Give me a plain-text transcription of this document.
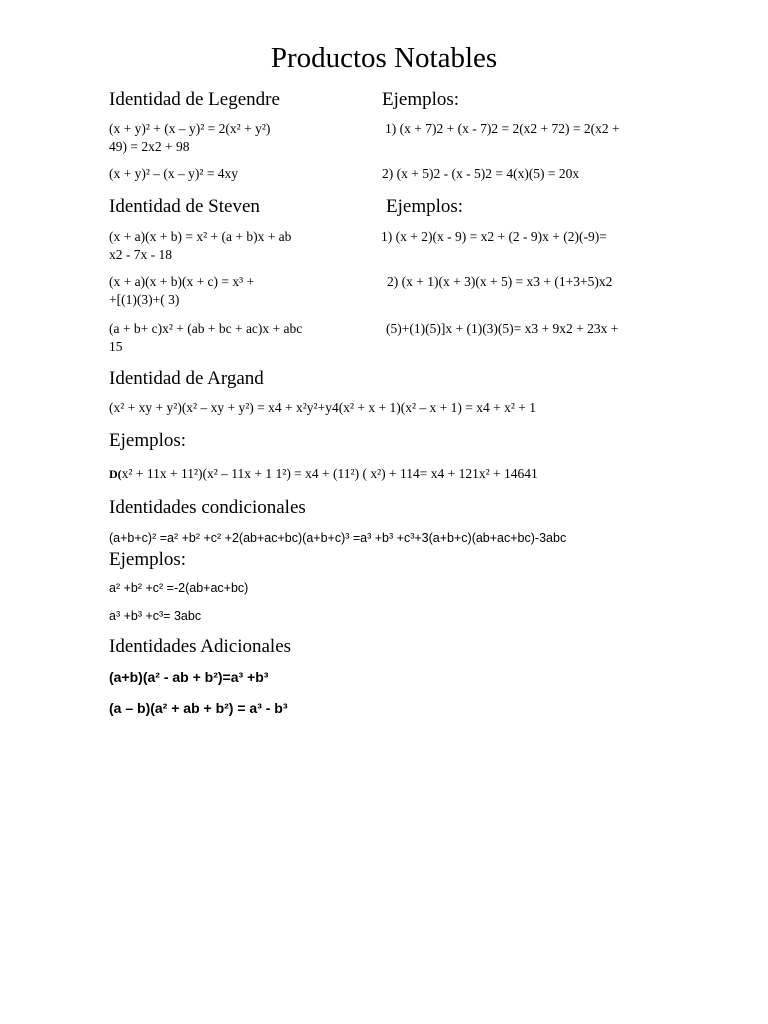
Productos Notables
Identidad de Legendre	Ejemplos:
(x + y)² + (x – y)² = 2(x² + y²)	1) (x + 7)2 + (x - 7)2 = 2(x2 + 72) = 2(x2 +
49) = 2x2 + 98
(x + y)² – (x – y)² = 4xy	2) (x + 5)2 - (x - 5)2 = 4(x)(5) = 20x
Identidad de Steven	Ejemplos:
(x + a)(x + b) = x² + (a + b)x + ab	1) (x + 2)(x - 9) = x2 + (2 - 9)x + (2)(-9)=
x2 - 7x - 18
(x + a)(x + b)(x + c) = x³ +	2) (x + 1)(x + 3)(x + 5) = x3 + (1+3+5)x2
+[(1)(3)+( 3)
(a + b+ c)x² + (ab + bc + ac)x + abc	(5)+(1)(5)]x + (1)(3)(5)= x3 + 9x2 + 23x +
15
Identidad de Argand
(x² + xy + y²)(x² – xy + y²) = x4 + x²y²+y4(x² + x + 1)(x² – x + 1) = x4 + x² + 1
Ejemplos:
D(x² + 11x + 11²)(x² – 11x + 1 1²) = x4 + (11²) ( x²) + 114= x4 + 121x² + 14641
Identidades condicionales
(a+b+c)² =a² +b² +c² +2(ab+ac+bc)(a+b+c)³ =a³ +b³ +c³+3(a+b+c)(ab+ac+bc)-3abc
Ejemplos:
a² +b² +c² =-2(ab+ac+bc)
a³ +b³ +c³= 3abc
Identidades Adicionales
(a+b)(a² - ab + b²)=a³ +b³
(a – b)(a² + ab + b²) = a³ - b³
